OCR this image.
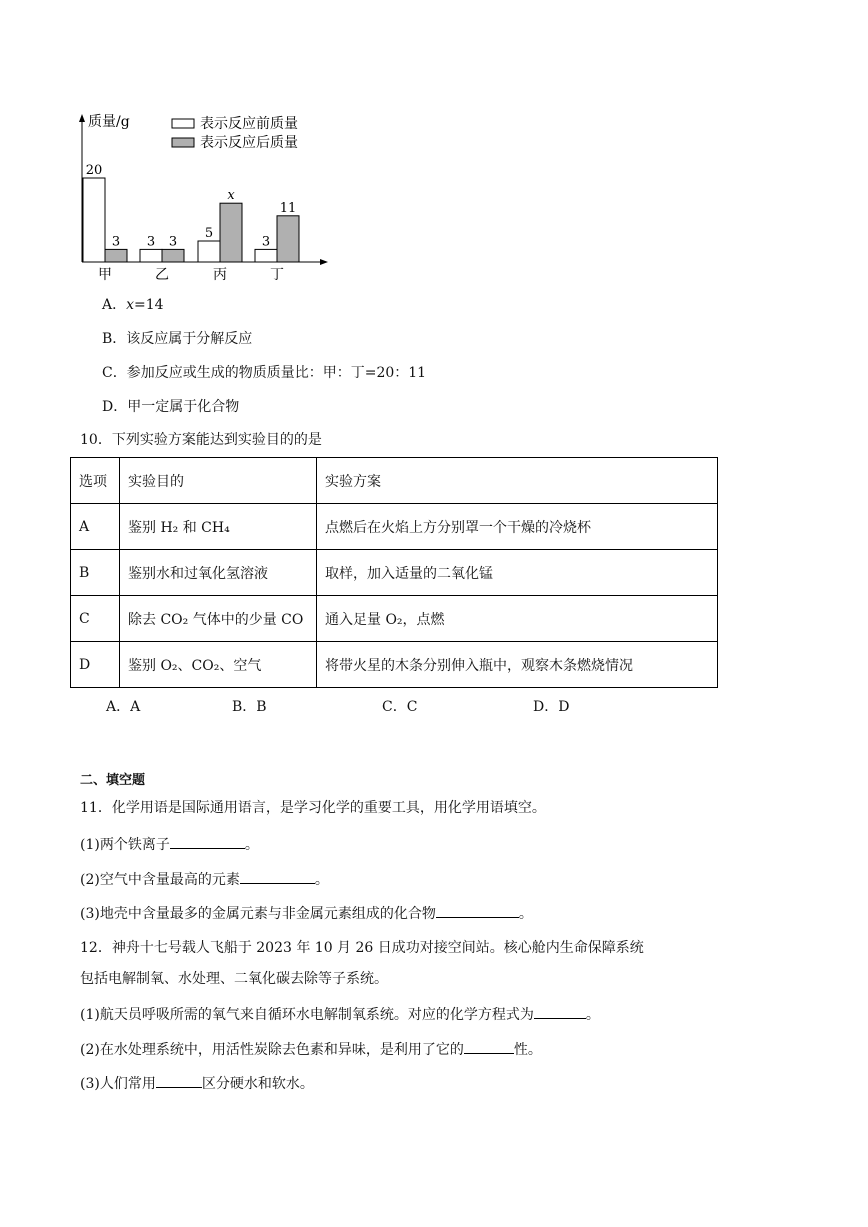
质量/g	表示反应前质量
表示反应后质量
20
3
甲
3 3
乙
5
x
丙
3
11
丁
A．x=14
B．该反应属于分解反应
C．参加反应或生成的物质质量比：甲：丁=20：11
D．甲一定属于化合物
10．下列实验方案能达到实验目的的是
选项	实验目的	实验方案
A	鉴别 H₂ 和 CH₄	点燃后在火焰上方分别罩一个干燥的冷烧杯
B	鉴别水和过氧化氢溶液	取样，加入适量的二氧化锰
C	除去 CO₂ 气体中的少量 CO	通入足量 O₂，点燃
D	鉴别 O₂、CO₂、空气	将带火星的木条分别伸入瓶中，观察木条燃烧情况
A．A	B．B	C．C	D．D
二、填空题
11．化学用语是国际通用语言，是学习化学的重要工具，用化学用语填空。
(1)两个铁离子	。
(2)空气中含量最高的元素	。
(3)地壳中含量最多的金属元素与非金属元素组成的化合物	。
12．神舟十七号载人飞船于 2023 年 10 月 26 日成功对接空间站。核心舱内生命保障系统
包括电解制氧、水处理、二氧化碳去除等子系统。
(1)航天员呼吸所需的氧气来自循环水电解制氧系统。对应的化学方程式为	。
(2)在水处理系统中，用活性炭除去色素和异味，是利用了它的	性。
(3)人们常用	区分硬水和软水。
